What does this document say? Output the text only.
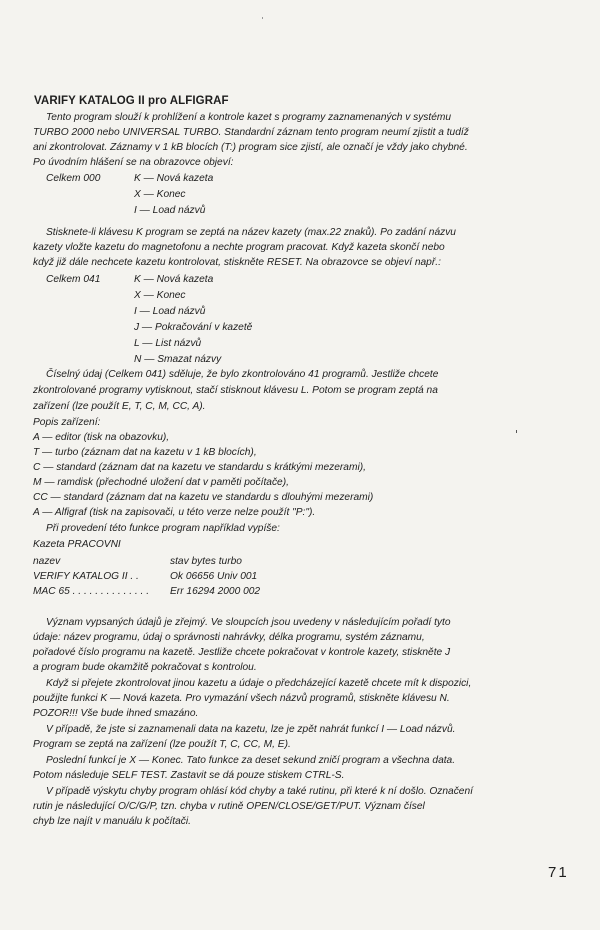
VARIFY KATALOG II pro ALFIGRAF
Tento program slouží k prohlížení a kontrole kazet s programy zaznamenaných v systému
TURBO 2000 nebo UNIVERSAL TURBO. Standardní záznam tento program neumí zjistit a tudíž
ani zkontrolovat. Záznamy v 1 kB blocích (T:) program sice zjistí, ale označí je vždy jako chybné.
Po úvodním hlášení se na obrazovce objeví:
Celkem 000	K — Nová kazeta
X — Konec
I — Load názvů
Stisknete-li klávesu K program se zeptá na název kazety (max.22 znaků). Po zadání názvu
kazety vložte kazetu do magnetofonu a nechte program pracovat. Když kazeta skončí nebo
když již dále nechcete kazetu kontrolovat, stiskněte RESET. Na obrazovce se objeví např.:
Celkem 041	K — Nová kazeta
X — Konec
I — Load názvů
J — Pokračování v kazetě
L — List názvů
N — Smazat názvy
Číselný údaj (Celkem 041) sděluje, že bylo zkontrolováno 41 programů. Jestliže chcete
zkontrolované programy vytisknout, stačí stisknout klávesu L. Potom se program zeptá na
zařízení (lze použít E, T, C, M, CC, A).
Popis zařízení:
A — editor (tisk na obazovku),
T — turbo (záznam dat na kazetu v 1 kB blocích),
C — standard (záznam dat na kazetu ve standardu s krátkými mezerami),
M — ramdisk (přechodné uložení dat v paměti počítače),
CC — standard (záznam dat na kazetu ve standardu s dlouhými mezerami)
A — Alfigraf (tisk na zapisovači, u této verze nelze použít "P:").
Při provedení této funkce program například vypíše:
Kazeta PRACOVNI
nazev	stav bytes turbo
VERIFY KATALOG II . .	Ok 06656 Univ 001
MAC 65 . . . . . . . . . . . . . . Err 16294 2000 002
Význam vypsaných údajů je zřejmý. Ve sloupcích jsou uvedeny v následujícím pořadí tyto
údaje: název programu, údaj o správnosti nahrávky, délka programu, systém záznamu,
pořadové číslo programu na kazetě. Jestliže chcete pokračovat v kontrole kazety, stiskněte J
a program bude okamžitě pokračovat s kontrolou.
Když si přejete zkontrolovat jinou kazetu a údaje o předcházející kazetě chcete mít k dispozici,
použijte funkci K — Nová kazeta. Pro vymazání všech názvů programů, stiskněte klávesu N.
POZOR!!! Vše bude ihned smazáno.
V případě, že jste si zaznamenali data na kazetu, lze je zpět nahrát funkcí I — Load názvů.
Program se zeptá na zařízení (lze použít T, C, CC, M, E).
Poslední funkcí je X — Konec. Tato funkce za deset sekund zničí program a všechna data.
Potom následuje SELF TEST. Zastavit se dá pouze stiskem CTRL-S.
V případě výskytu chyby program ohlásí kód chyby a také rutinu, při které k ní došlo. Označení
rutin je následující O/C/G/P, tzn. chyba v rutině OPEN/CLOSE/GET/PUT. Význam čísel
chyb lze najít v manuálu k počítači.
71
